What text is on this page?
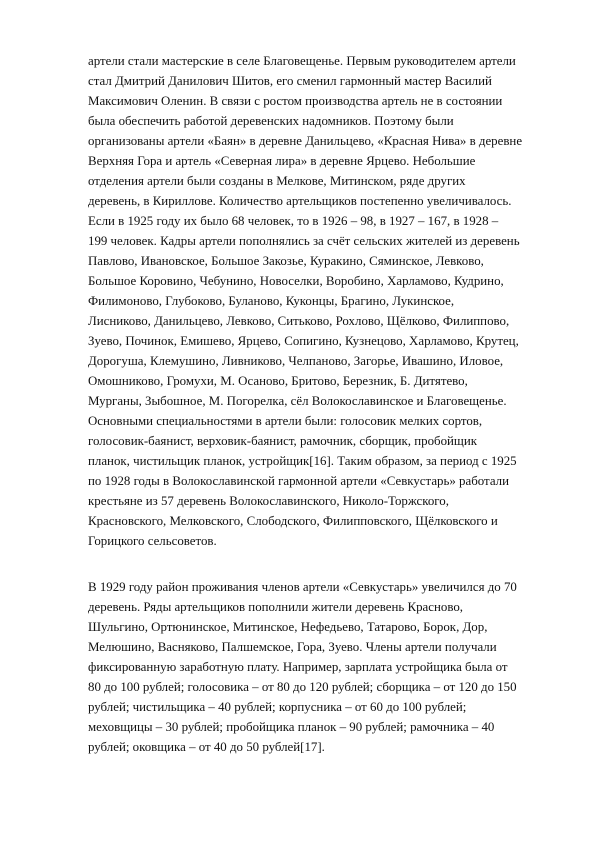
артели стали мастерские в селе Благовещенье. Первым руководителем артели
стал Дмитрий Данилович Шитов, его сменил гармонный мастер Василий
Максимович Оленин. В связи с ростом производства артель не в состоянии
была обеспечить работой деревенских надомников. Поэтому были
организованы артели «Баян» в деревне Данильцево, «Красная Нива» в деревне
Верхняя Гора и артель «Северная лира» в деревне Ярцево. Небольшие
отделения артели были созданы в Мелкове, Митинском, ряде других
деревень, в Кириллове. Количество артельщиков постепенно увеличивалось.
Если в 1925 году их было 68 человек, то в 1926 – 98, в 1927 – 167, в 1928 –
199 человек. Кадры артели пополнялись за счёт сельских жителей из деревень
Павлово, Ивановское, Большое Закозье, Куракино, Сяминское, Левково,
Большое Коровино, Чебунино, Новоселки, Воробино, Харламово, Кудрино,
Филимоново, Глубоково, Буланово, Куконцы, Брагино, Лукинское,
Лисниково, Данильцево, Левково, Ситьково, Рохлово, Щёлково, Филиппово,
Зуево, Починок, Емишево, Ярцево, Сопигино, Кузнецово, Харламово, Крутец,
Дорогуша, Клемушино, Ливниково, Челпаново, Загорье, Ивашино, Иловое,
Омошниково, Громухи, М. Осаново, Бритово, Березник, Б. Дитятево,
Мурганы, Зыбошное, М. Погорелка, сёл Волокославинское и Благовещенье.
Основными специальностями в артели были: голосовик мелких сортов,
голосовик-баянист, верховик-баянист, рамочник, сборщик, пробойщик
планок, чистильщик планок, устройщик[16]. Таким образом, за период с 1925
по 1928 годы в Волокославинской гармонной артели «Севкустарь» работали
крестьяне из 57 деревень Волокославинского, Николо-Торжского,
Красновского, Мелковского, Слободского, Филипповского, Щёлковского и
Горицкого сельсоветов.
В 1929 году район проживания членов артели «Севкустарь» увеличился до 70
деревень. Ряды артельщиков пополнили жители деревень Красново,
Шульгино, Ортюнинское, Митинское, Нефедьево, Татарово, Борок, Дор,
Мелюшино, Васняково, Палшемское, Гора, Зуево. Члены артели получали
фиксированную заработную плату. Например, зарплата устройщика была от
80 до 100 рублей; голосовика – от 80 до 120 рублей; сборщика – от 120 до 150
рублей; чистильщика – 40 рублей; корпусника – от 60 до 100 рублей;
меховщицы – 30 рублей; пробойщика планок – 90 рублей; рамочника – 40
рублей; оковщика – от 40 до 50 рублей[17].
